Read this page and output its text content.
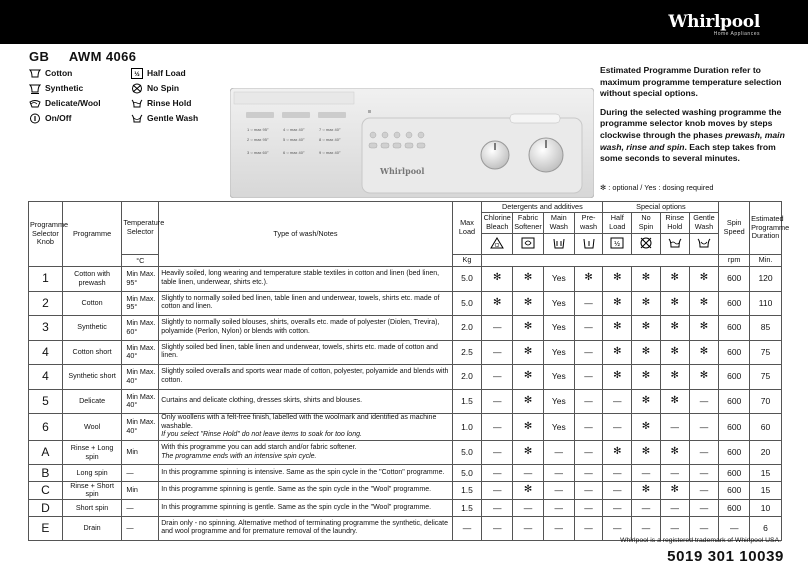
Whirlpool
Home Appliances
GB AWM 4066
Cotton
Synthetic
Delicate/Wool
On/Off
½ Half Load
No Spin
Rinse Hold
Gentle Wash
1 ○ max 95°	4 ○ max 40°	7 ○ max 40°
2 ○ max 95°	5 ○ max 40°	8 ○ max 40°
3 ○ max 60°	6 ○ max 40°	9 ○ max 40°
Whirlpool

Estimated Programme Duration refer to maximum programme temperature selection without special options.

During the selected washing programme the programme selector knob moves by steps clockwise through the phases prewash, main wash, rinse and spin. Each step takes from some seconds to several minutes.

✻ : optional / Yes : dosing required
Programme Selector Knob	Programme	Temperature Selector	Type of wash/Notes	Max Load	Detergents and additives				Special options				Spin Speed	Estimated Programme Duration
					Chlorine Bleach	Fabric Softener	Main Wash	Pre-wash	Half Load	No Spin	Rinse Hold	Gentle Wash		

Cl				½

		°C		Kg									rpm	Min.
1	Cotton with prewash	Min Max. 95°	Heavily soiled, long wearing and temperature stable textiles in cotton and linen (bed linen, table linen, underwear, shirts etc.).	5.0	✻	✻	Yes	✻	✻	✻	✻	✻	600	120
2	Cotton	Min Max. 95°	Slightly to normally soiled bed linen, table linen and underwear, towels, shirts etc. made of cotton and linen.	5.0	✻	✻	Yes	—	✻	✻	✻	✻	600	110
3	Synthetic	Min Max. 60°	Slightly to normally soiled blouses, shirts, overalls etc. made of polyester (Diolen, Trevira), polyamide (Perlon, Nylon) or blends with cotton.	2.0	—	✻	Yes	—	✻	✻	✻	✻	600	85
4	Cotton short	Min Max. 40°	Slightly soiled bed linen, table linen and underwear, towels, shirts etc. made of cotton and linen.	2.5	—	✻	Yes	—	✻	✻	✻	✻	600	75
4	Synthetic short	Min Max. 40°	Slightly soiled overalls and sports wear made of cotton, polyester, polyamide and blends with cotton.	2.0	—	✻	Yes	—	✻	✻	✻	✻	600	75
5	Delicate	Min Max. 40°	Curtains and delicate clothing, dresses skirts, shirts and blouses.	1.5	—	✻	Yes	—	—	✻	✻	—	600	70
6	Wool	Min Max. 40°	Only woollens with a felt-free finish, labelled with the woolmark and identified as machine washable.
If you select "Rinse Hold" do not leave items to soak for too long.	1.0	—	✻	Yes	—	—	✻	—	—	600	60
A	Rinse + Long spin	Min	With this programme you can add starch and/or fabric softener.
The programme ends with an intensive spin cycle.	5.0	—	✻	—	—	✻	✻	✻	—	600	20
B	Long spin	—	In this programme spinning is intensive. Same as the spin cycle in the "Cotton" programme.	5.0	—	—	—	—	—	—	—	—	600	15
C	Rinse + Short spin	Min	In this programme spinning is gentle. Same as the spin cycle in the "Wool" programme.	1.5	—	✻	—	—	—	✻	✻	—	600	15
D	Short spin	—	In this programme spinning is gentle. Same as the spin cycle in the "Wool" programme.	1.5	—	—	—	—	—	—	—	—	600	10
E	Drain	—	Drain only - no spinning. Alternative method of terminating programme the synthetic, delicate and wool programme and for premature removal of the laundry.	—	—	—	—	—	—	—	—	—	—	6
Whirlpool is a registered trademark of Whirlpool USA.
5019 301 10039
